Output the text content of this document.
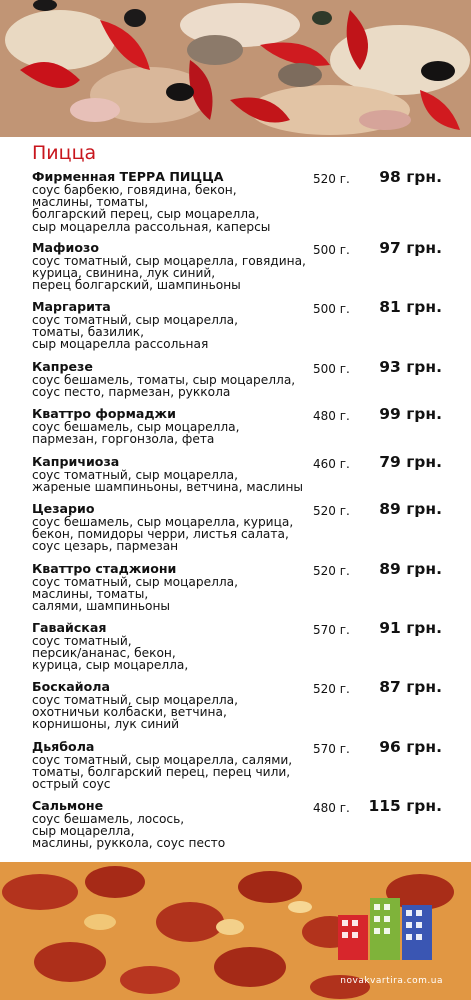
Пицца
Фирменная ТЕРРА ПИЦЦА
соус барбекю, говядина, бекон,
маслины, томаты,
болгарский перец, сыр моцарелла,
сыр моцарелла рассольная, каперсы
520 г. 98 грн.
Мафиозо
соус томатный, сыр моцарелла, говядина,
курица, свинина, лук синий,
перец болгарский, шампиньоны
500 г. 97 грн.
Маргарита
соус томатный, сыр моцарелла,
томаты, базилик,
сыр моцарелла рассольная
500 г. 81 грн.
Капрезе
соус бешамель, томаты, сыр моцарелла,
соус песто, пармезан, руккола
500 г. 93 грн.
Кваттро формаджи
соус бешамель, сыр моцарелла,
пармезан, горгонзола, фета
480 г. 99 грн.
Капричиоза
соус томатный, сыр моцарелла,
жареные шампиньоны, ветчина, маслины
460 г. 79 грн.
Цезарио
соус бешамель, сыр моцарелла, курица,
бекон, помидоры черри, листья салата,
соус цезарь, пармезан
520 г. 89 грн.
Кваттро стаджиони
соус томатный, сыр моцарелла,
маслины, томаты,
салями, шампиньоны
520 г. 89 грн.
Гавайская
соус томатный,
персик/ананас, бекон,
курица, сыр моцарелла,
570 г. 91 грн.
Боскайола
соус томатный, сыр моцарелла,
охотничьи колбаски, ветчина,
корнишоны, лук синий
520 г. 87 грн.
Дьябола
соус томатный, сыр моцарелла, салями,
томаты, болгарский перец, перец чили,
острый соус
570 г. 96 грн.
Сальмоне
соус бешамель, лосось,
сыр моцарелла,
маслины, руккола, соус песто
480 г. 115 грн.
novakvartira.com.ua
